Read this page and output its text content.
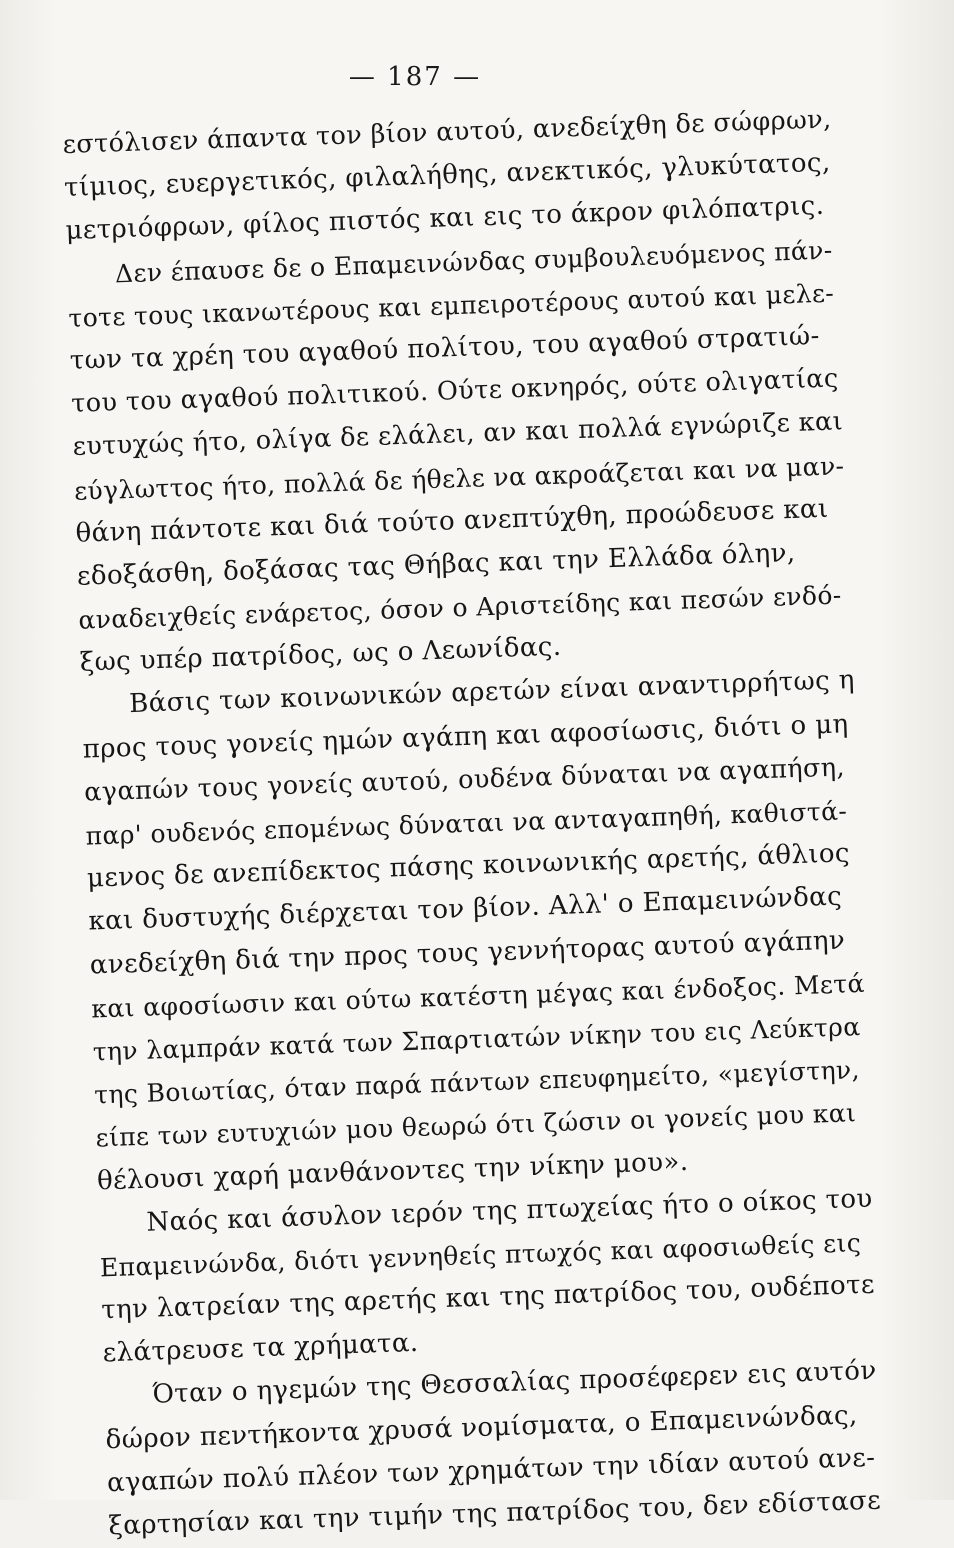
— 187 —
εστόλισεν άπαντα τον βίον αυτού, ανεδείχθη δε σώφρων,
τίμιος, ευεργετικός, φιλαλήθης, ανεκτικός, γλυκύτατος,
μετριόφρων, φίλος πιστός και εις το άκρον φιλόπατρις.
Δεν έπαυσε δε ο Επαμεινώνδας συμβουλευόμενος πάν-
τοτε τους ικανωτέρους και εμπειροτέρους αυτού και μελε-
των τα χρέη του αγαθού πολίτου, του αγαθού στρατιώ-
του του αγαθού πολιτικού. Ούτε οκνηρός, ούτε ολιγατίας
ευτυχώς ήτο, ολίγα δε ελάλει, αν και πολλά εγνώριζε και
εύγλωττος ήτο, πολλά δε ήθελε να ακροάζεται και να μαν-
θάνη πάντοτε και διά τούτο ανεπτύχθη, προώδευσε και
εδοξάσθη, δοξάσας τας Θήβας και την Ελλάδα όλην,
αναδειχθείς ενάρετος, όσον ο Αριστείδης και πεσών ενδό-
ξως υπέρ πατρίδος, ως ο Λεωνίδας.
Βάσις των κοινωνικών αρετών είναι αναντιρρήτως η
προς τους γονείς ημών αγάπη και αφοσίωσις, διότι ο μη
αγαπών τους γονείς αυτού, ουδένα δύναται να αγαπήση,
παρ' ουδενός επομένως δύναται να ανταγαπηθή, καθιστά-
μενος δε ανεπίδεκτος πάσης κοινωνικής αρετής, άθλιος
και δυστυχής διέρχεται τον βίον. Αλλ' ο Επαμεινώνδας
ανεδείχθη διά την προς τους γεννήτορας αυτού αγάπην
και αφοσίωσιν και ούτω κατέστη μέγας και ένδοξος. Μετά
την λαμπράν κατά των Σπαρτιατών νίκην του εις Λεύκτρα
της Βοιωτίας, όταν παρά πάντων επευφημείτο, «μεγίστην,
είπε των ευτυχιών μου θεωρώ ότι ζώσιν οι γονείς μου και
θέλουσι χαρή μανθάνοντες την νίκην μου».
Ναός και άσυλον ιερόν της πτωχείας ήτο ο οίκος του
Επαμεινώνδα, διότι γεννηθείς πτωχός και αφοσιωθείς εις
την λατρείαν της αρετής και της πατρίδος του, ουδέποτε
ελάτρευσε τα χρήματα.
Όταν ο ηγεμών της Θεσσαλίας προσέφερεν εις αυτόν
δώρον πεντήκοντα χρυσά νομίσματα, ο Επαμεινώνδας,
αγαπών πολύ πλέον των χρημάτων την ιδίαν αυτού ανε-
ξαρτησίαν και την τιμήν της πατρίδος του, δεν εδίστασε
